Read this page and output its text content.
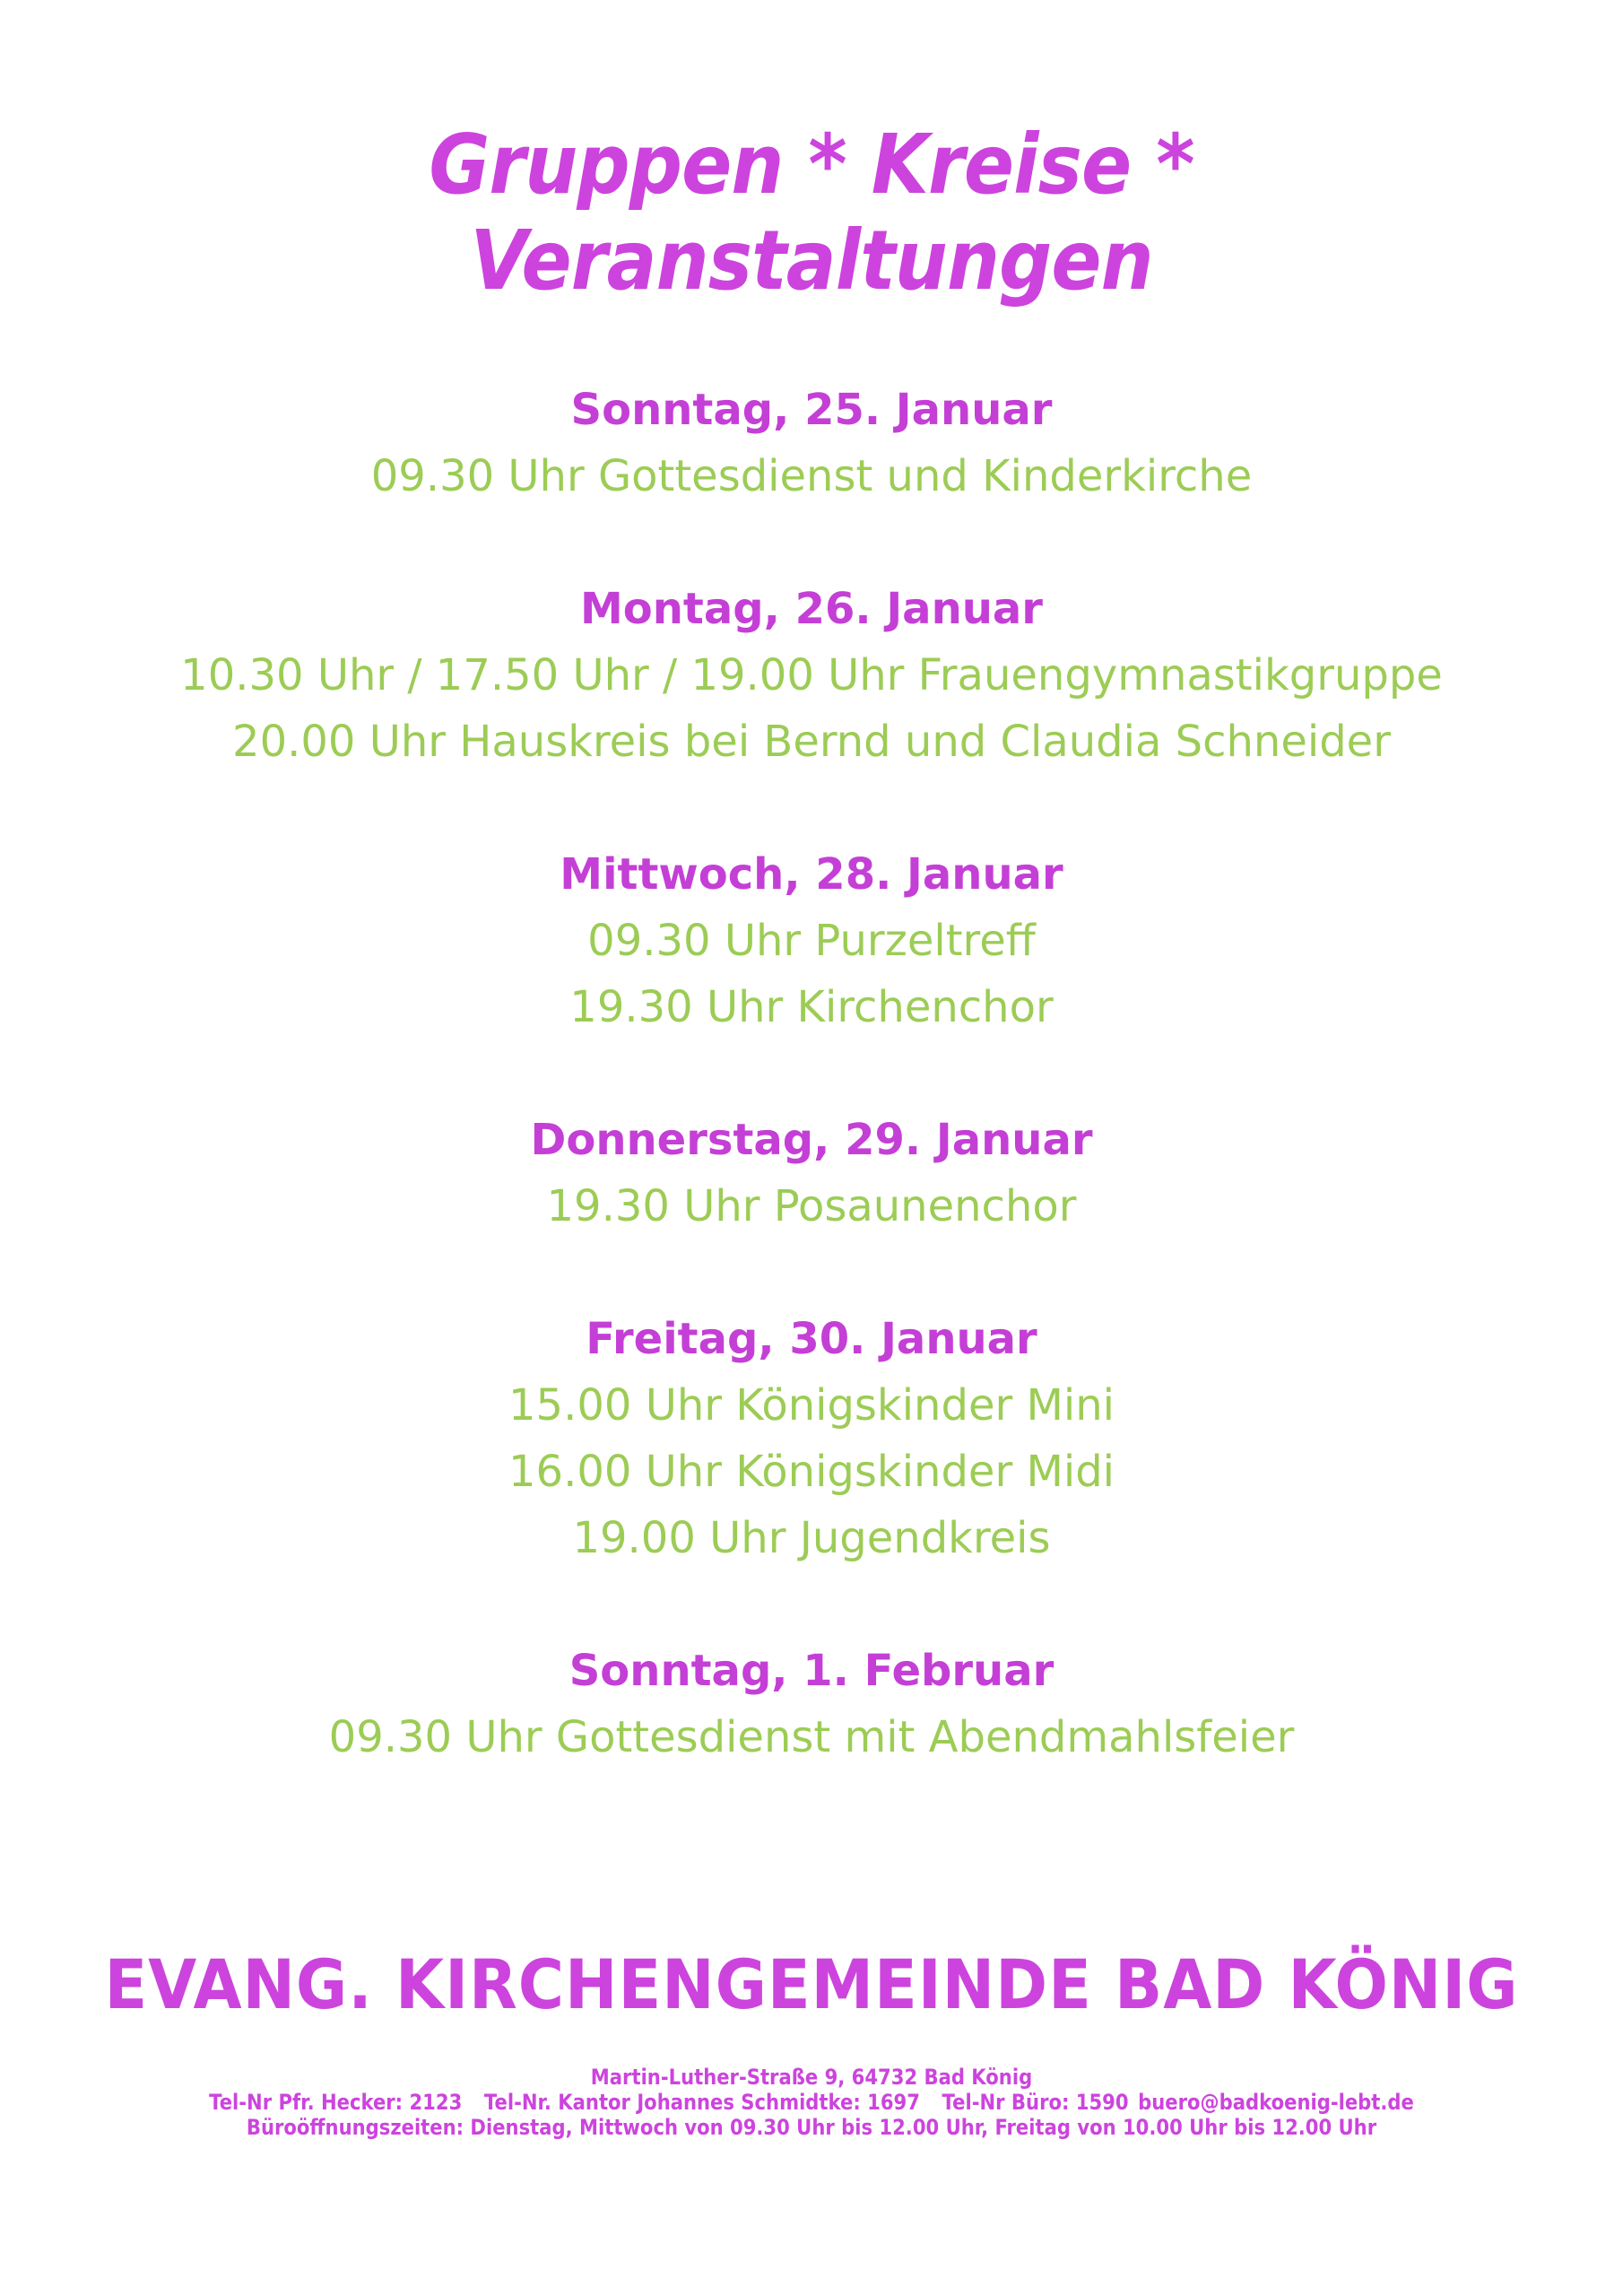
Gruppen * Kreise * Veranstaltungen
Sonntag, 25. Januar
09.30 Uhr Gottesdienst und Kinderkirche
Montag, 26. Januar
10.30 Uhr / 17.50 Uhr / 19.00 Uhr Frauengymnastikgruppe
20.00 Uhr Hauskreis bei Bernd und Claudia Schneider
Mittwoch, 28. Januar
09.30 Uhr Purzeltreff
19.30 Uhr Kirchenchor
Donnerstag, 29. Januar
19.30 Uhr Posaunenchor
Freitag, 30. Januar
15.00 Uhr Königskinder Mini
16.00 Uhr Königskinder Midi
19.00 Uhr Jugendkreis
Sonntag, 1. Februar
09.30 Uhr Gottesdienst mit Abendmahlsfeier
EVANG. KIRCHENGEMEINDE BAD KÖNIG
Martin-Luther-Straße 9, 64732 Bad König
Tel-Nr Pfr. Hecker: 2123 Tel-Nr. Kantor Johannes Schmidtke: 1697 Tel-Nr Büro: 1590 buero@badkoenig-lebt.de
Büroöffnungszeiten: Dienstag, Mittwoch von 09.30 Uhr bis 12.00 Uhr, Freitag von 10.00 Uhr bis 12.00 Uhr
